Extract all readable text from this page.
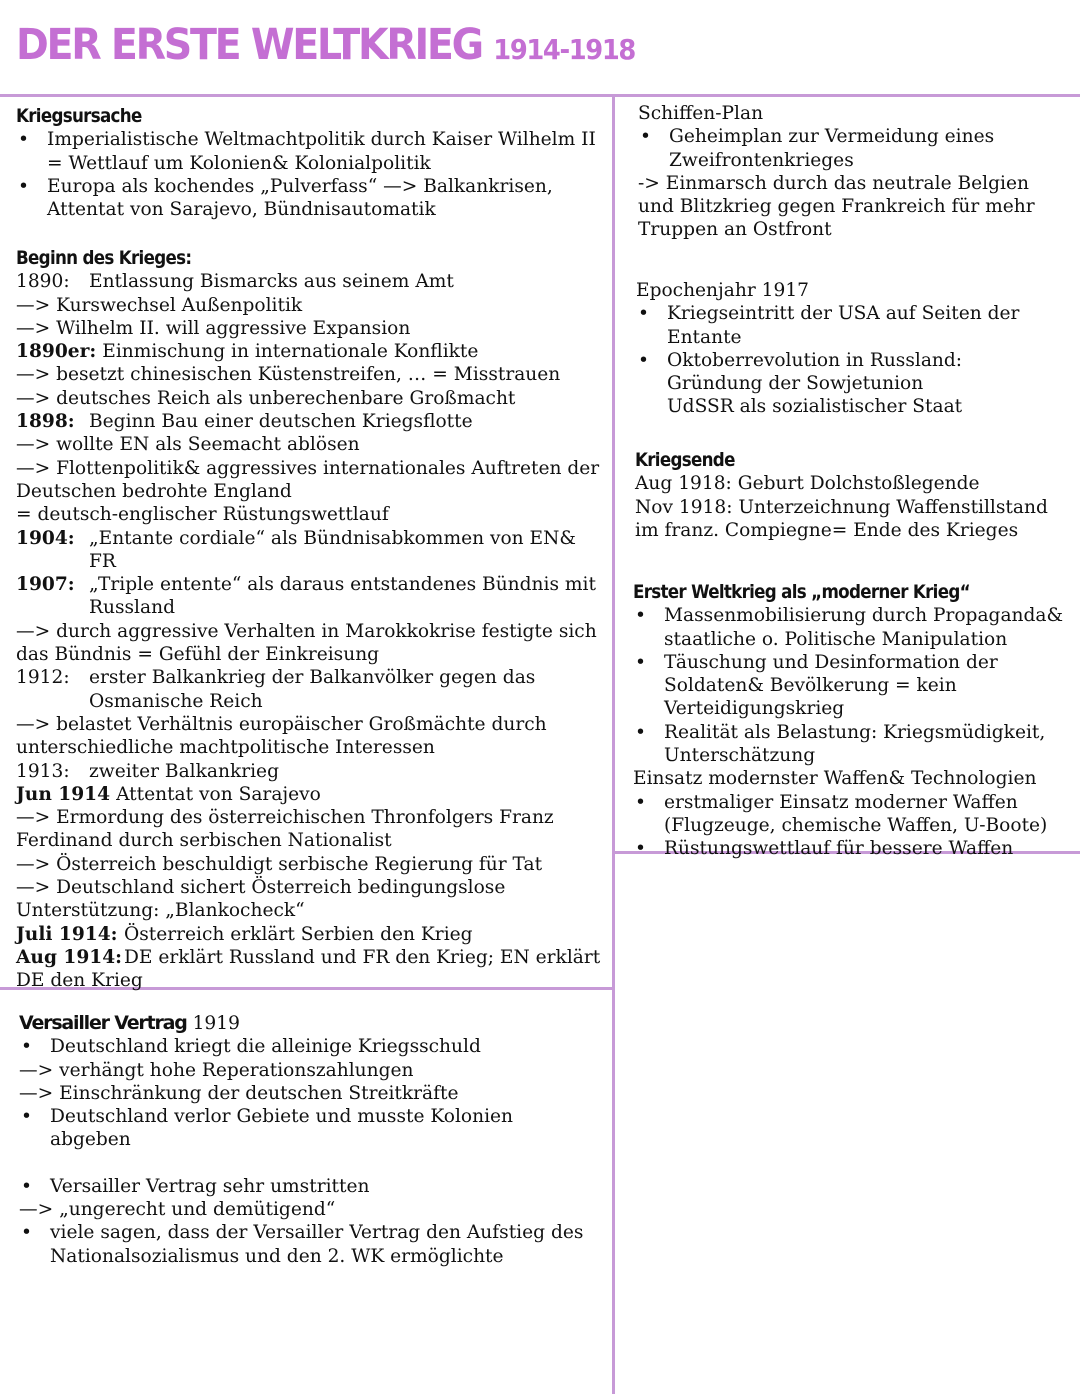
DER ERSTE WELTKRIEG 1914-1918
Kriegsursache
• Imperialistische Weltmachtpolitik durch Kaiser Wilhelm II = Wettlauf um Kolonien& Kolonialpolitik
• Europa als kochendes „Pulverfass“ —> Balkankrisen, Attentat von Sarajevo, Bündnisautomatik
Beginn des Krieges:
1890:	Entlassung Bismarcks aus seinem Amt

—> Kurswechsel Außenpolitik

—> Wilhelm II. will aggressive Expansion

1890er: Einmischung in internationale Konflikte

—> besetzt chinesischen Küstenstreifen, … = Misstrauen

—> deutsches Reich als unberechenbare Großmacht

1898: Beginn Bau einer deutschen Kriegsflotte

—> wollte EN als Seemacht ablösen

—> Flottenpolitik& aggressives internationales Auftreten der Deutschen bedrohte England

= deutsch-englischer Rüstungswettlauf

1904: „Entante cordiale“ als Bündnisabkommen von EN& FR
1907: „Triple entente“ als daraus entstandenes Bündnis mit Russland

—> durch aggressive Verhalten in Marokkokrise festigte sich das Bündnis = Gefühl der Einkreisung

1912:	erster Balkankrieg der Balkanvölker gegen das Osmanische Reich

—> belastet Verhältnis europäischer Großmächte durch unterschiedliche machtpolitische Interessen

1913:	zweiter Balkankrieg
Jun 1914 Attentat von Sarajevo

—> Ermordung des österreichischen Thronfolgers Franz Ferdinand durch serbischen Nationalist

—> Österreich beschuldigt serbische Regierung für Tat

—> Deutschland sichert Österreich bedingungslose Unterstützung: „Blankocheck“

Juli 1914: Österreich erklärt Serbien den Krieg

Aug 1914: DE erklärt Russland und FR den Krieg; EN erklärt DE den Krieg

Versailler Vertrag 1919
• Deutschland kriegt die alleinige Kriegsschuld

—> verhängt hohe Reperationszahlungen

—> Einschränkung der deutschen Streitkräfte

• Deutschland verlor Gebiete und musste Kolonien abgeben
• Versailler Vertrag sehr umstritten

—> „ungerecht und demütigend“

• viele sagen, dass der Versailler Vertrag den Aufstieg des Nationalsozialismus und den 2. WK ermöglichte

Schiffen-Plan

• Geheimplan zur Vermeidung eines Zweifrontenkrieges

-> Einmarsch durch das neutrale Belgien und Blitzkrieg gegen Frankreich für mehr Truppen an Ostfront

Epochenjahr 1917

• Kriegseintritt der USA auf Seiten der Entante
• Oktoberrevolution in Russland: Gründung der Sowjetunion UdSSR als sozialistischer Staat
Kriegsende

Aug 1918: Geburt Dolchstoßlegende

Nov 1918: Unterzeichnung Waffenstillstand im franz. Compiegne= Ende des Krieges

Erster Weltkrieg als „moderner Krieg“
• Massenmobilisierung durch Propaganda& staatliche o. Politische Manipulation
• Täuschung und Desinformation der Soldaten& Bevölkerung = kein Verteidigungskrieg
• Realität als Belastung: Kriegsmüdigkeit, Unterschätzung

Einsatz modernster Waffen& Technologien

• erstmaliger Einsatz moderner Waffen (Flugzeuge, chemische Waffen, U-Boote)
• Rüstungswettlauf für bessere Waffen
